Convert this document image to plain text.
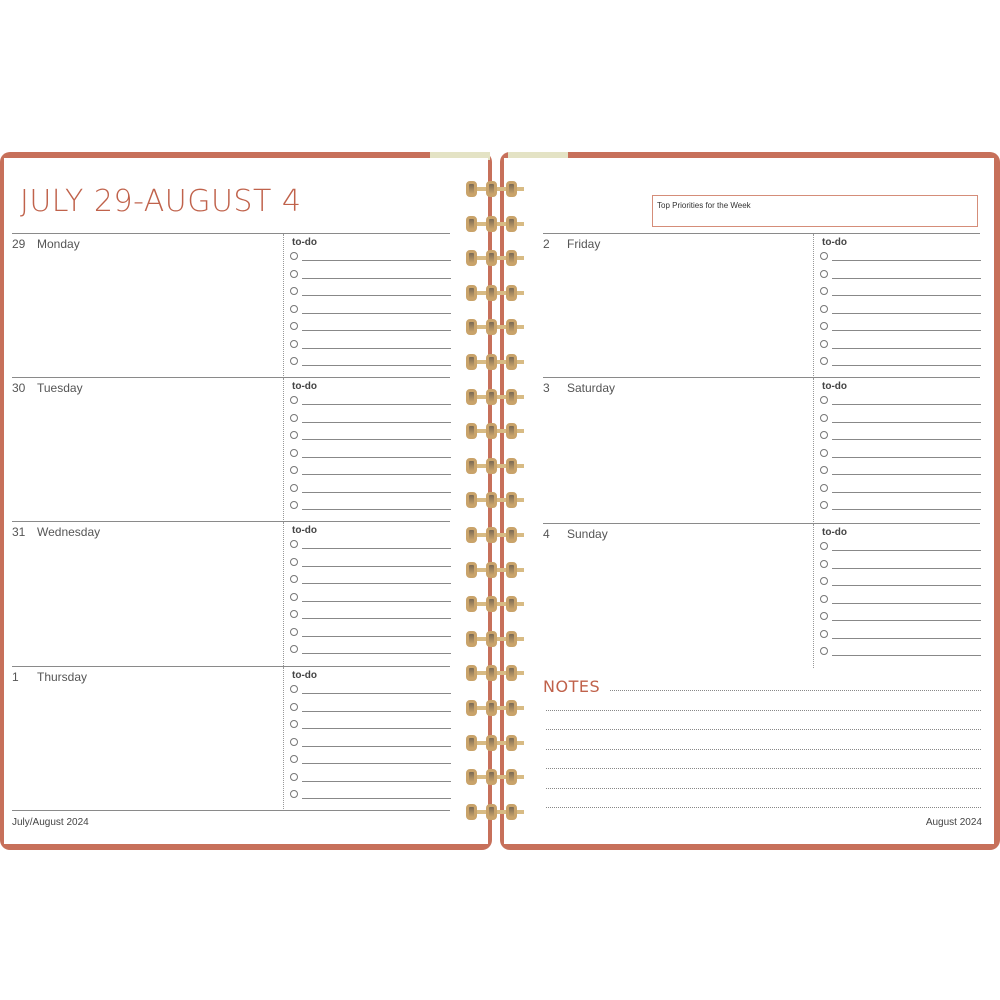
JULY 29-AUGUST 4	Top Priorities for the Week
29 Monday	to-do
30 Tuesday	to-do
31 Wednesday	to-do
1 Thursday	to-do
2 Friday	to-do
3 Saturday	to-do
4 Sunday	to-do
NOTES
July/August 2024	August 2024
